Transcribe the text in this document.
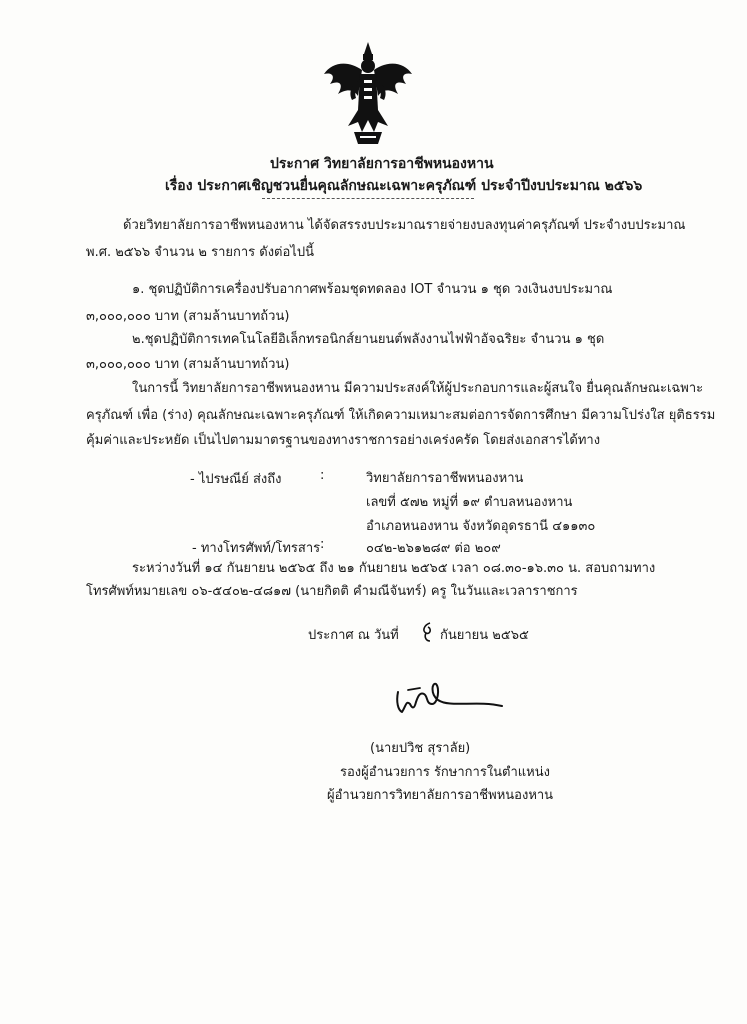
ประกาศ วิทยาลัยการอาชีพหนองหาน
เรื่อง ประกาศเชิญชวนยื่นคุณลักษณะเฉพาะครุภัณฑ์ ประจำปีงบประมาณ ๒๕๖๖
ด้วยวิทยาลัยการอาชีพหนองหาน ได้จัดสรรงบประมาณรายจ่ายงบลงทุนค่าครุภัณฑ์ ประจำงบประมาณ
พ.ศ. ๒๕๖๖ จำนวน ๒ รายการ ดังต่อไปนี้
๑. ชุดปฏิบัติการเครื่องปรับอากาศพร้อมชุดทดลอง IOT จำนวน ๑ ชุด วงเงินงบประมาณ
๓,๐๐๐,๐๐๐ บาท (สามล้านบาทถ้วน)
๒.ชุดปฏิบัติการเทคโนโลยีอิเล็กทรอนิกส์ยานยนต์พลังงานไฟฟ้าอัจฉริยะ จำนวน ๑ ชุด
๓,๐๐๐,๐๐๐ บาท (สามล้านบาทถ้วน)
ในการนี้ วิทยาลัยการอาชีพหนองหาน มีความประสงค์ให้ผู้ประกอบการและผู้สนใจ ยื่นคุณลักษณะเฉพาะ
ครุภัณฑ์ เพื่อ (ร่าง) คุณลักษณะเฉพาะครุภัณฑ์ ให้เกิดความเหมาะสมต่อการจัดการศึกษา มีความโปร่งใส ยุติธรรม
คุ้มค่าและประหยัด เป็นไปตามมาตรฐานของทางราชการอย่างเคร่งครัด โดยส่งเอกสารได้ทาง
- ไปรษณีย์ ส่งถึง	:	วิทยาลัยการอาชีพหนองหาน
เลขที่ ๕๗๒ หมู่ที่ ๑๙ ตำบลหนองหาน
อำเภอหนองหาน จังหวัดอุดรธานี ๔๑๑๓๐
- ทางโทรศัพท์/โทรสาร :	๐๔๒-๒๖๑๒๘๙ ต่อ ๒๐๙
ระหว่างวันที่ ๑๔ กันยายน ๒๕๖๕ ถึง ๒๑ กันยายน ๒๕๖๕ เวลา ๐๘.๓๐-๑๖.๓๐ น. สอบถามทาง
โทรศัพท์หมายเลข ๐๖-๕๔๐๒-๔๘๑๗ (นายกิตติ คำมณีจันทร์) ครู ในวันและเวลาราชการ
ประกาศ ณ วันที่	กันยายน ๒๕๖๕
(นายปวิช สุราลัย)
รองผู้อำนวยการ รักษาการในตำแหน่ง
ผู้อำนวยการวิทยาลัยการอาชีพหนองหาน
